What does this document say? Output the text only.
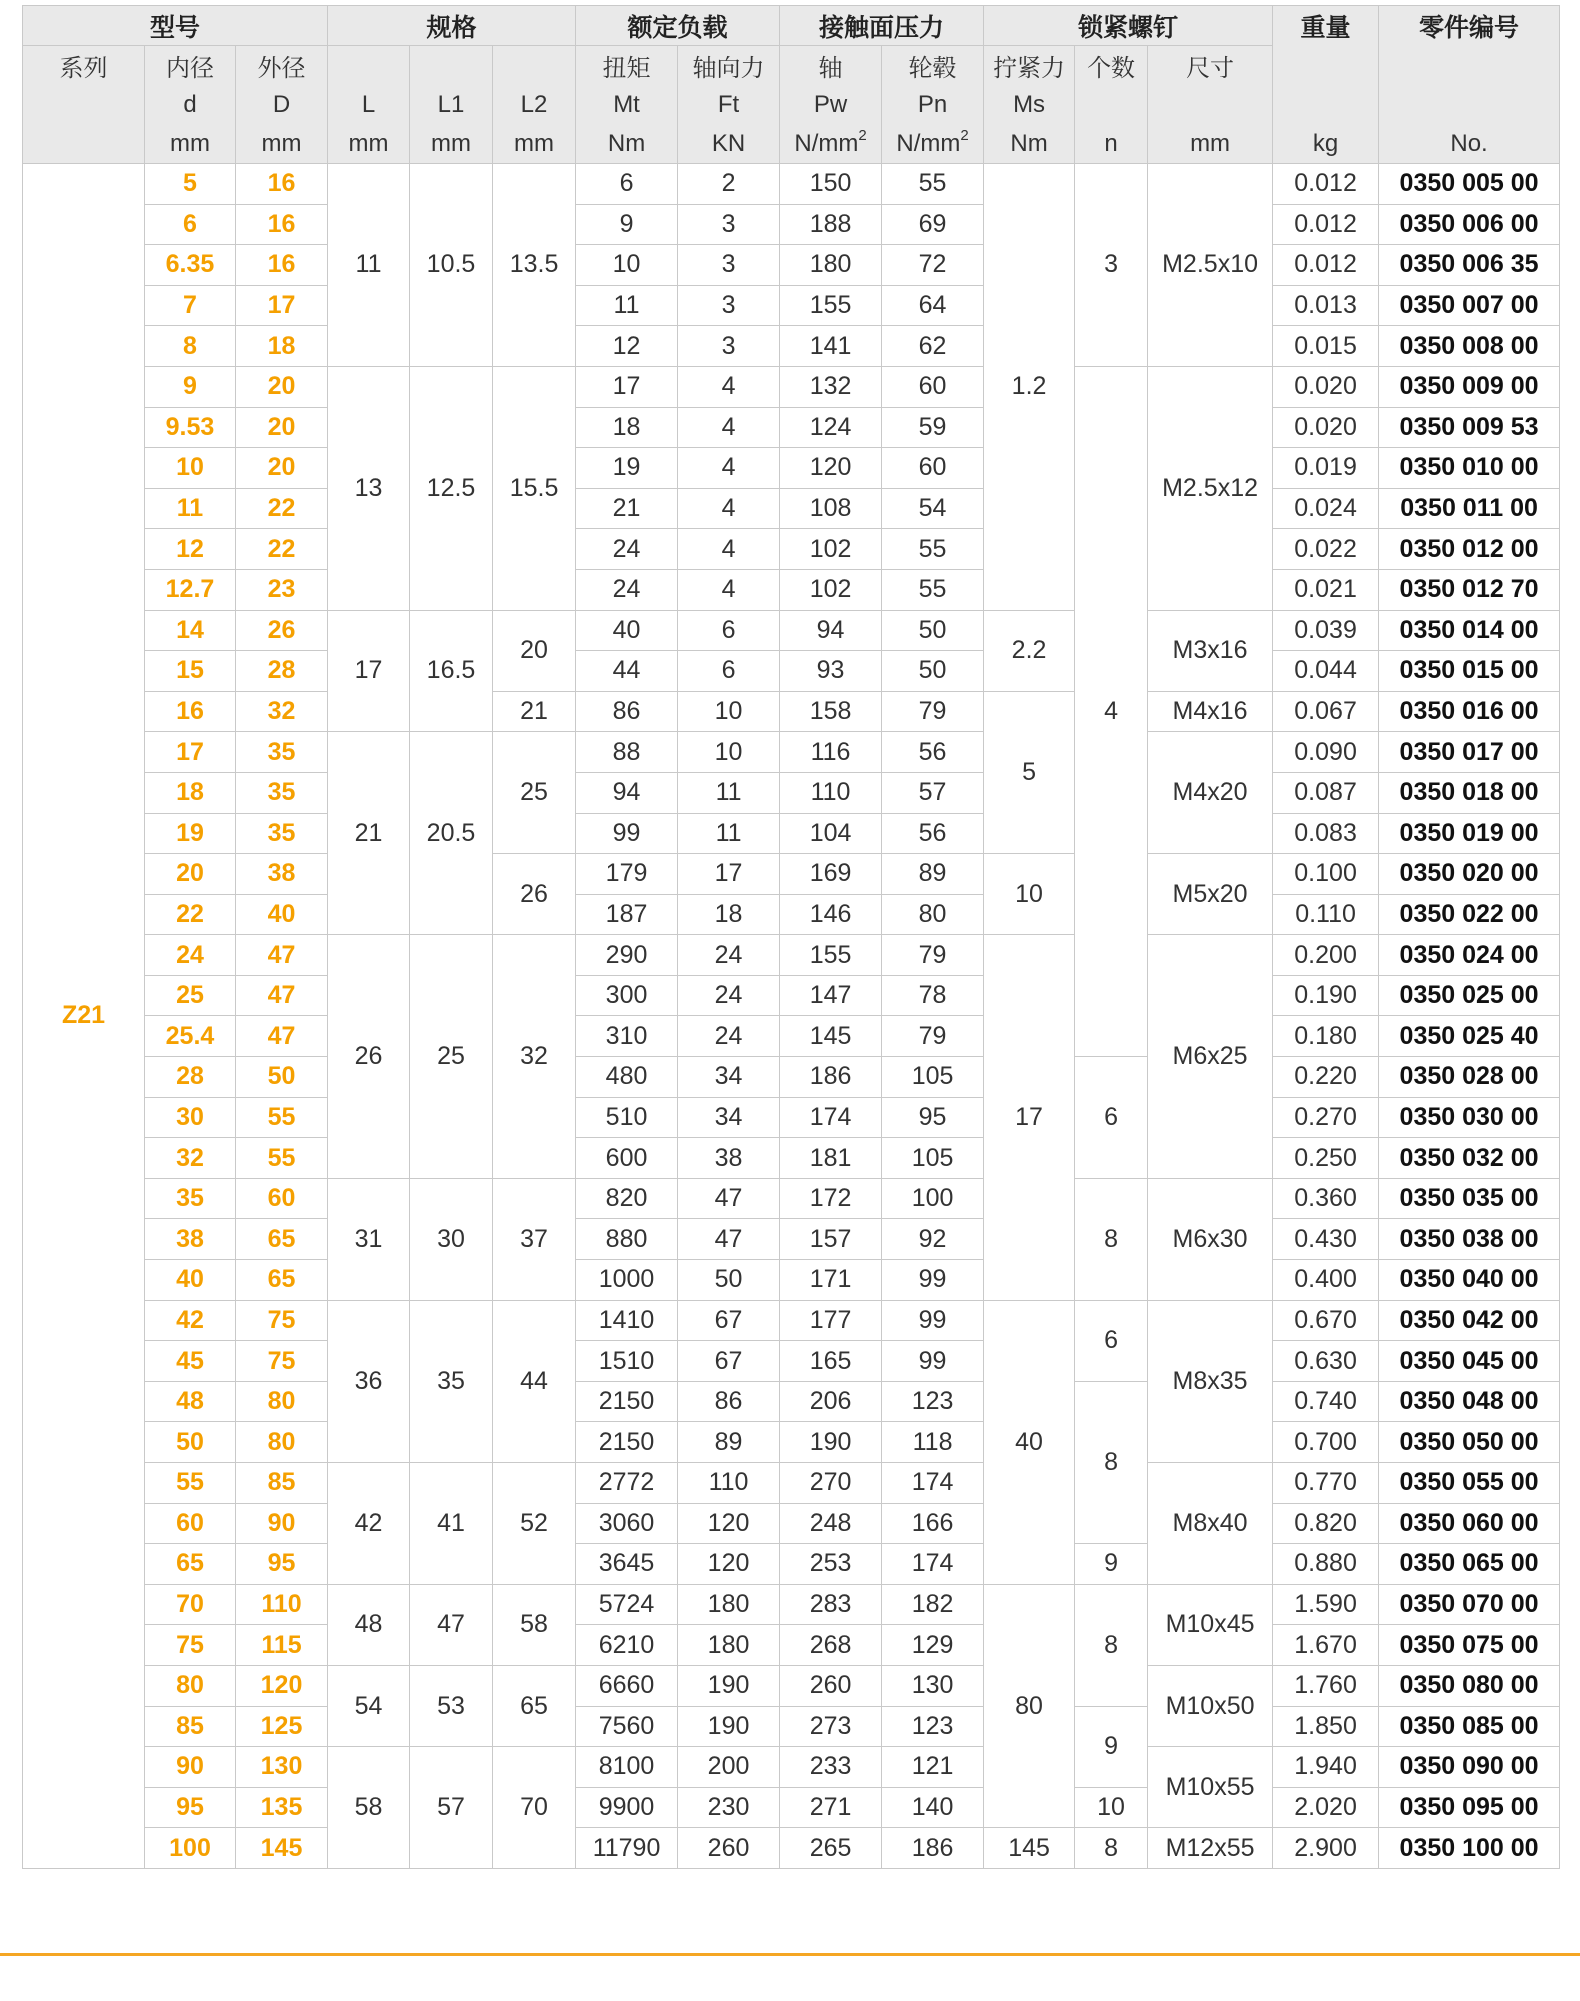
型号			规格			额定负载		接触面压力		锁紧螺钉			重量	零件编号
系列	内径	外径				扭矩	轴向力	轴	轮毂	拧紧力	个数	尺寸		
	d	D	L	L1	L2	Mt	Ft	Pw	Pn	Ms				
	mm	mm	mm	mm	mm	Nm	KN	$N/mm^2$	$N/mm^2$	Nm	n	mm	kg	No.
Z21	5	16	11	10.5	13.5	6	2	150	55	1.2	3	M2.5x10	0.012	0350 005 00
	6	16				9	3	188	69				0.012	0350 006 00
	6.35	16				10	3	180	72				0.012	0350 006 35
	7	17				11	3	155	64				0.013	0350 007 00
	8	18				12	3	141	62				0.015	0350 008 00
	9	20	13	12.5	15.5	17	4	132	60		4	M2.5x12	0.020	0350 009 00
	9.53	20				18	4	124	59				0.020	0350 009 53
	10	20				19	4	120	60				0.019	0350 010 00
	11	22				21	4	108	54				0.024	0350 011 00
	12	22				24	4	102	55				0.022	0350 012 00
	12.7	23				24	4	102	55				0.021	0350 012 70
	14	26	17	16.5	20	40	6	94	50	2.2		M3x16	0.039	0350 014 00
	15	28				44	6	93	50				0.044	0350 015 00
	16	32			21	86	10	158	79	5		M4x16	0.067	0350 016 00
	17	35	21	20.5	25	88	10	116	56			M4x20	0.090	0350 017 00
	18	35				94	11	110	57				0.087	0350 018 00
	19	35				99	11	104	56				0.083	0350 019 00
	20	38			26	179	17	169	89	10		M5x20	0.100	0350 020 00
	22	40				187	18	146	80				0.110	0350 022 00
	24	47	26	25	32	290	24	155	79	17		M6x25	0.200	0350 024 00
	25	47				300	24	147	78				0.190	0350 025 00
	25.4	47				310	24	145	79				0.180	0350 025 40
	28	50				480	34	186	105		6		0.220	0350 028 00
	30	55				510	34	174	95				0.270	0350 030 00
	32	55				600	38	181	105				0.250	0350 032 00
	35	60	31	30	37	820	47	172	100		8	M6x30	0.360	0350 035 00
	38	65				880	47	157	92				0.430	0350 038 00
	40	65				1000	50	171	99				0.400	0350 040 00
	42	75	36	35	44	1410	67	177	99	40	6	M8x35	0.670	0350 042 00
	45	75				1510	67	165	99				0.630	0350 045 00
	48	80				2150	86	206	123		8		0.740	0350 048 00
	50	80				2150	89	190	118				0.700	0350 050 00
	55	85	42	41	52	2772	110	270	174			M8x40	0.770	0350 055 00
	60	90				3060	120	248	166				0.820	0350 060 00
	65	95				3645	120	253	174		9		0.880	0350 065 00
	70	110	48	47	58	5724	180	283	182	80	8	M10x45	1.590	0350 070 00
	75	115				6210	180	268	129				1.670	0350 075 00
	80	120	54	53	65	6660	190	260	130			M10x50	1.760	0350 080 00
	85	125				7560	190	273	123		9		1.850	0350 085 00
	90	130	58	57	70	8100	200	233	121			M10x55	1.940	0350 090 00
	95	135				9900	230	271	140		10		2.020	0350 095 00
	100	145				11790	260	265	186	145	8	M12x55	2.900	0350 100 00
